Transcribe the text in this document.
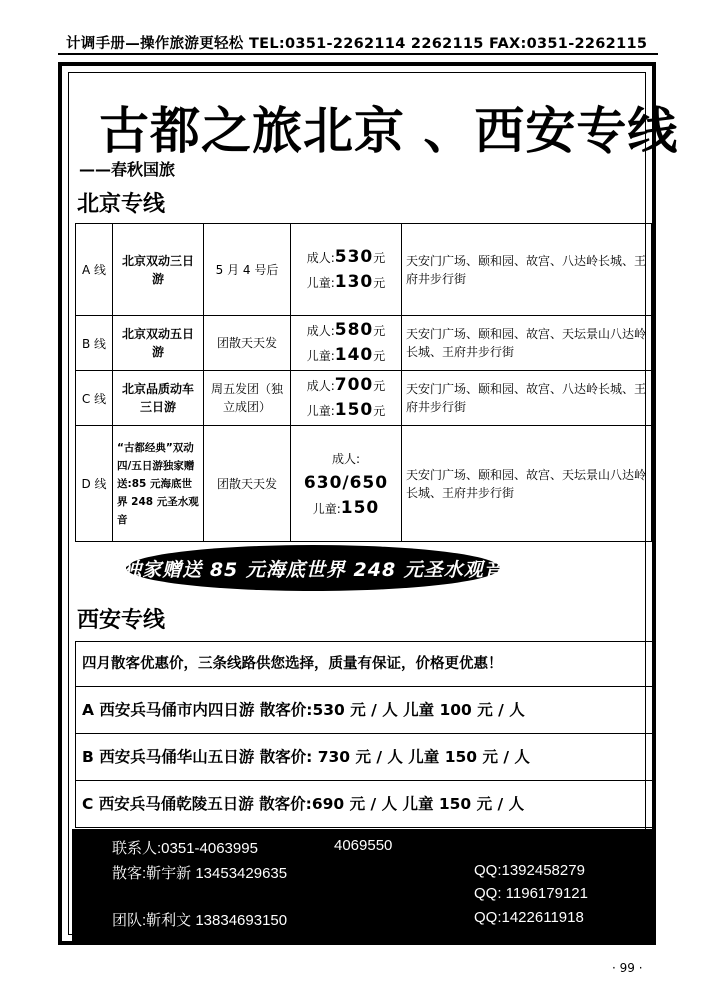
计调手册—操作旅游更轻松 TEL:0351-2262114 2262115 FAX:0351-2262115
古都之旅北京 、西安专线
——春秋国旅
北京专线
A 线	北京双动三日游	5 月 4 号后	成人:530元
儿童:130元	天安门广场、颐和园、故宫、八达岭长城、王府井步行街
B 线	北京双动五日游	团散天天发	成人:580元
儿童:140元	天安门广场、颐和园、故宫、天坛景山八达岭长城、王府井步行街
C 线	北京品质动车三日游	周五发团（独立成团）	成人:700元
儿童:150元	天安门广场、颐和园、故宫、八达岭长城、王府井步行街
D 线	“古都经典”双动四/五日游独家赠送:85 元海底世界 248 元圣水观音	团散天天发	成人:
630/650
儿童:150	天安门广场、颐和园、故宫、天坛景山八达岭长城、王府井步行街
独家赠送 85 元海底世界 248 元圣水观音
西安专线
四月散客优惠价，三条线路供您选择，质量有保证，价格更优惠！
A 西安兵马俑市内四日游 散客价:530 元 / 人 儿童 100 元 / 人
B 西安兵马俑华山五日游 散客价: 730 元 / 人 儿童 150 元 / 人
C 西安兵马俑乾陵五日游 散客价:690 元 / 人 儿童 150 元 / 人
联系人:0351-4063995	4069550
散客:靳宇新 13453429635	QQ:1392458279
QQ: 1196179121
团队:靳利文 13834693150	QQ:1422611918
· 99 ·
